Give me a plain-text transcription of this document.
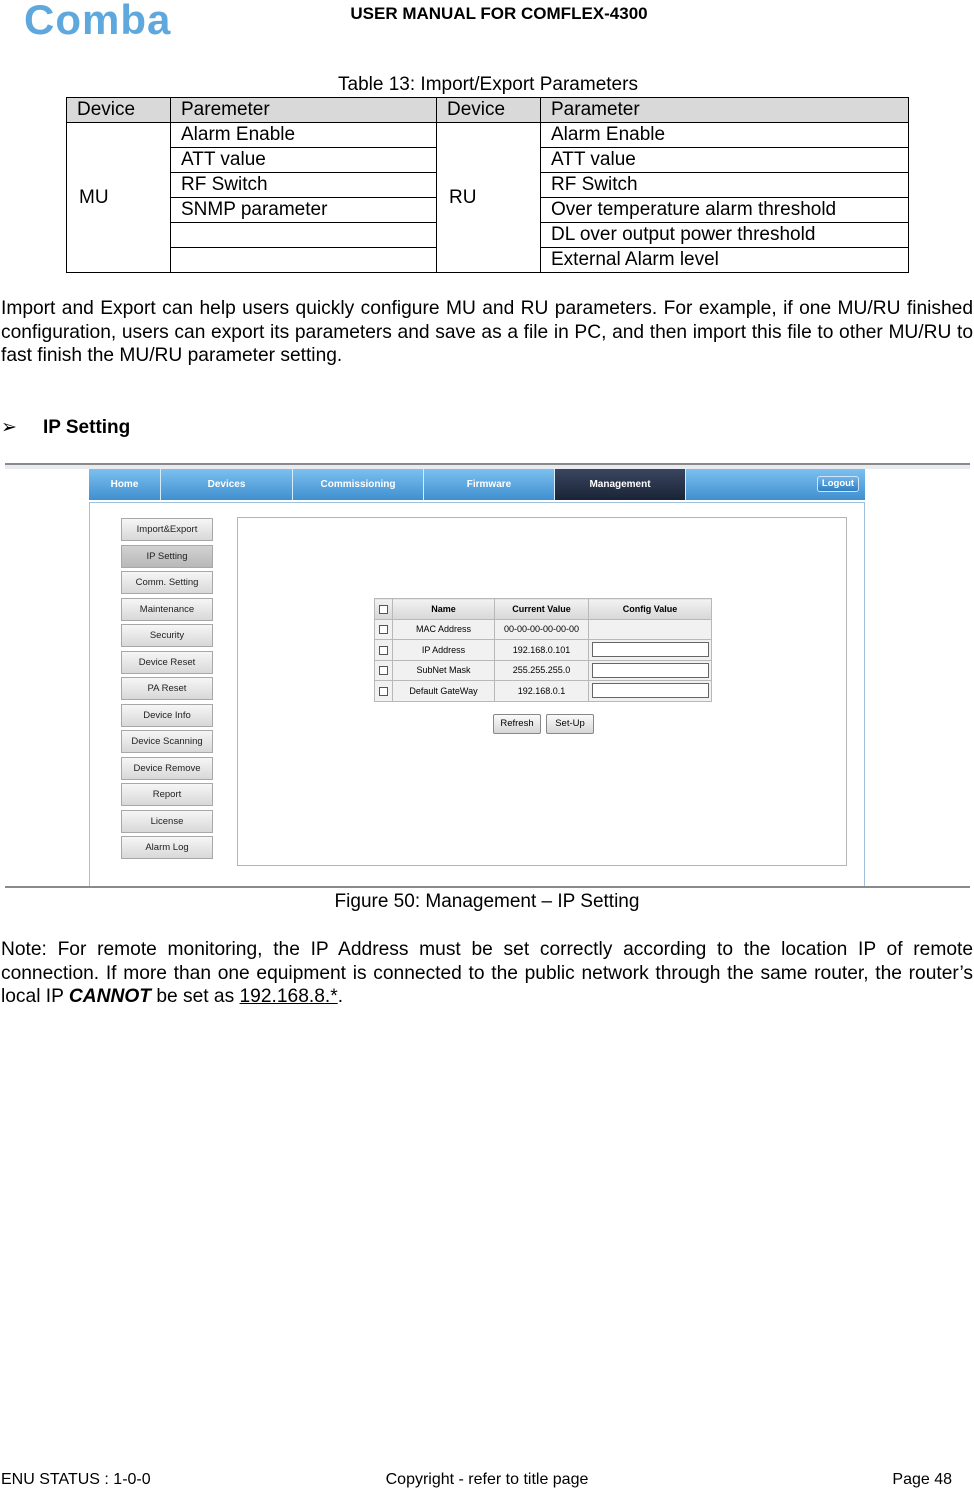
Comba	USER MANUAL FOR COMFLEX-4300
Table 13: Import/Export Parameters
Device	Paremeter	Device	Parameter
MU	Alarm Enable	RU	Alarm Enable
	ATT value		ATT value
	RF Switch		RF Switch
	SNMP parameter		Over temperature alarm threshold
			DL over output power threshold
			External Alarm level
Import and Export can help users quickly configure MU and RU parameters. For example, if one MU/RU finished configuration, users can export its parameters and save as a file in PC, and then import this file to other MU/RU to fast finish the MU/RU parameter setting.
➢ IP Setting
Home	Devices	Commissioning	Firmware	Management	Logout
Import&Export
IP Setting
Comm. Setting
Maintenance
Security
Device Reset
PA Reset
Device Info
Device Scanning
Device Remove
Report
License
Alarm Log
	Name	Current Value	Config Value
	MAC Address	00-00-00-00-00-00	
	IP Address	192.168.0.101	

	SubNet Mask	255.255.255.0	

	Default GateWay	192.168.0.1	
Refresh	Set-Up
Figure 50: Management – IP Setting
Note: For remote monitoring, the IP Address must be set correctly according to the location IP of remote connection. If more than one equipment is connected to the public network through the same router, the router’s local IP CANNOT be set as 192.168.8.*.
ENU STATUS : 1-0-0	Copyright - refer to title page	Page 48
